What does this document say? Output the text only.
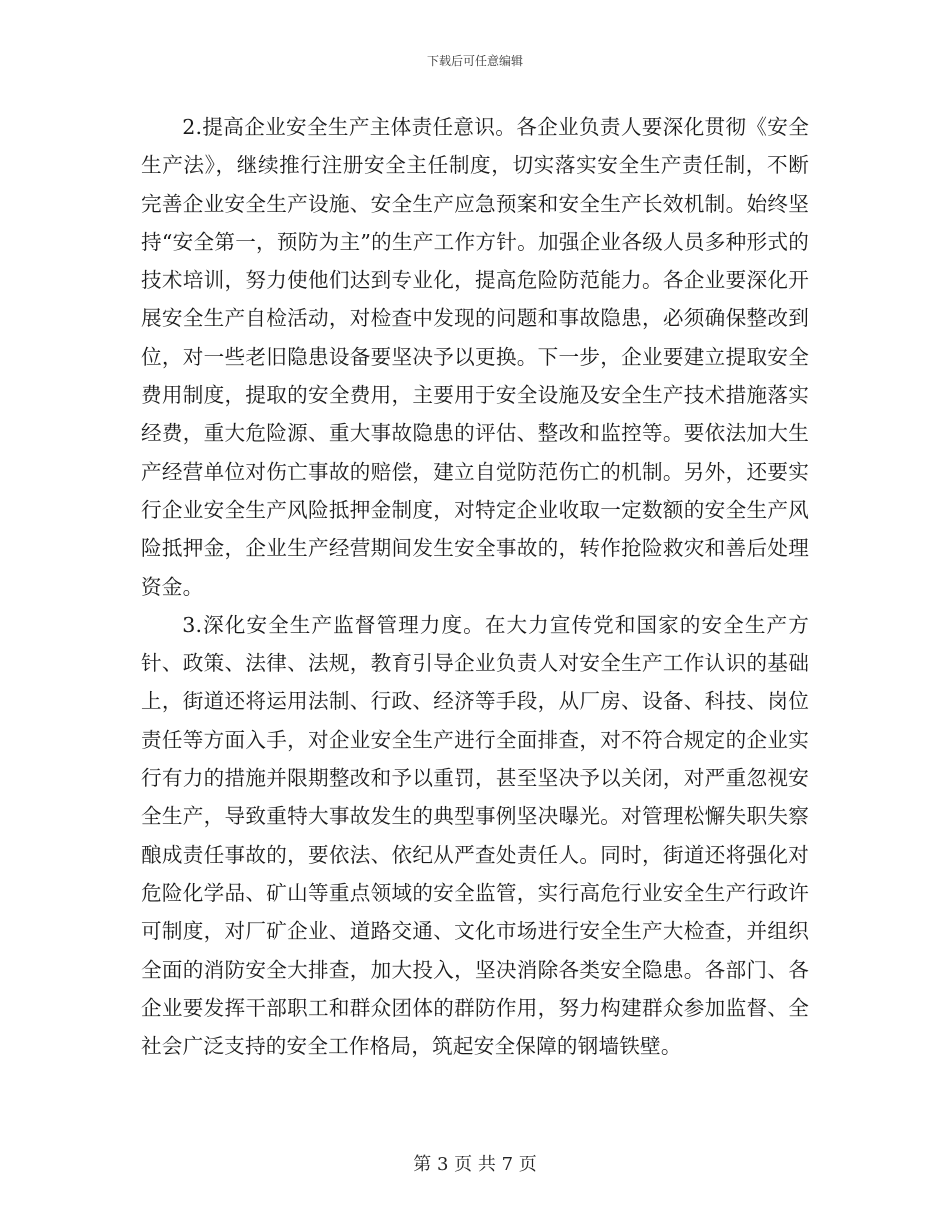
下载后可任意编辑

2.提高企业安全生产主体责任意识。各企业负责人要深化贯彻《安全生产法》，继续推行注册安全主任制度，切实落实安全生产责任制，不断完善企业安全生产设施、安全生产应急预案和安全生产长效机制。始终坚持“安全第一，预防为主”的生产工作方针。加强企业各级人员多种形式的技术培训，努力使他们达到专业化，提高危险防范能力。各企业要深化开展安全生产自检活动，对检查中发现的问题和事故隐患，必须确保整改到位，对一些老旧隐患设备要坚决予以更换。下一步，企业要建立提取安全费用制度，提取的安全费用，主要用于安全设施及安全生产技术措施落实经费，重大危险源、重大事故隐患的评估、整改和监控等。要依法加大生产经营单位对伤亡事故的赔偿，建立自觉防范伤亡的机制。另外，还要实行企业安全生产风险抵押金制度，对特定企业收取一定数额的安全生产风险抵押金，企业生产经营期间发生安全事故的，转作抢险救灾和善后处理资金。

3.深化安全生产监督管理力度。在大力宣传党和国家的安全生产方针、政策、法律、法规，教育引导企业负责人对安全生产工作认识的基础上，街道还将运用法制、行政、经济等手段，从厂房、设备、科技、岗位责任等方面入手，对企业安全生产进行全面排查，对不符合规定的企业实行有力的措施并限期整改和予以重罚，甚至坚决予以关闭，对严重忽视安全生产，导致重特大事故发生的典型事例坚决曝光。对管理松懈失职失察酿成责任事故的，要依法、依纪从严查处责任人。同时，街道还将强化对危险化学品、矿山等重点领域的安全监管，实行高危行业安全生产行政许可制度，对厂矿企业、道路交通、文化市场进行安全生产大检查，并组织全面的消防安全大排查，加大投入，坚决消除各类安全隐患。各部门、各企业要发挥干部职工和群众团体的群防作用，努力构建群众参加监督、全社会广泛支持的安全工作格局，筑起安全保障的钢墙铁壁。

第 3 页 共 7 页
